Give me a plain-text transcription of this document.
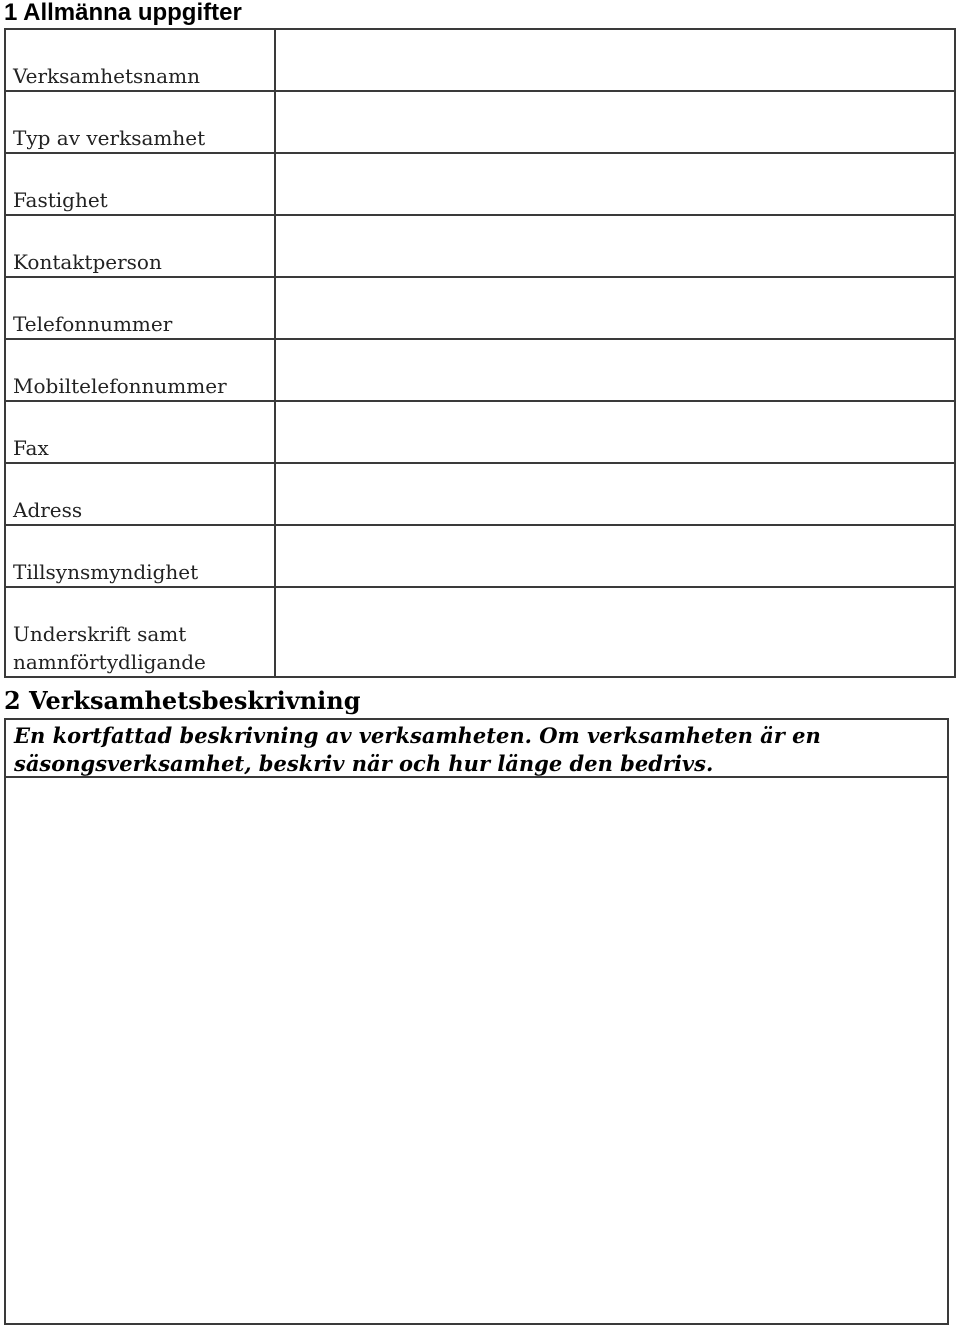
1 Allmänna uppgifter
Verksamhetsnamn	
Typ av verksamhet	
Fastighet	
Kontaktperson	
Telefonnummer	
Mobiltelefonnummer	
Fax	
Adress	
Tillsynsmyndighet	
Underskrift samt namnförtydligande	
2 Verksamhetsbeskrivning
En kortfattad beskrivning av verksamheten. Om verksamheten är en säsongsverksamhet, beskriv när och hur länge den bedrivs.
